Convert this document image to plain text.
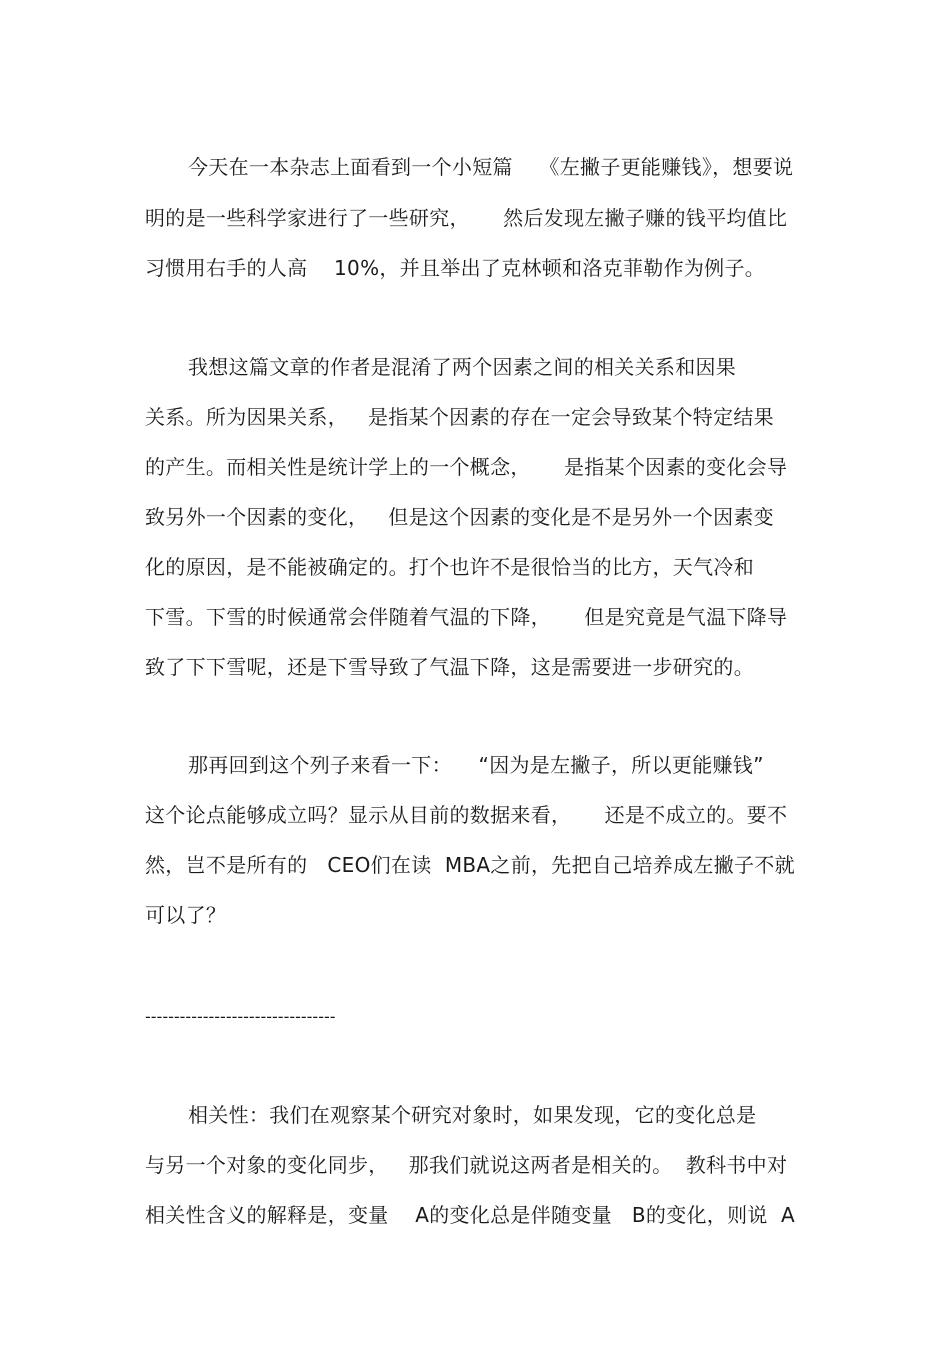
今天在一本杂志上面看到一个小短篇    《左撇子更能赚钱》，想要说
明的是一些科学家进行了一些研究，     然后发现左撇子赚的钱平均值比
习惯用右手的人高    10%，并且举出了克林顿和洛克菲勒作为例子。
我想这篇文章的作者是混淆了两个因素之间的相关关系和因果
关系。所为因果关系，   是指某个因素的存在一定会导致某个特定结果
的产生。而相关性是统计学上的一个概念，     是指某个因素的变化会导
致另外一个因素的变化，   但是这个因素的变化是不是另外一个因素变
化的原因，是不能被确定的。打个也许不是很恰当的比方，天气冷和
下雪。下雪的时候通常会伴随着气温的下降，     但是究竟是气温下降导
致了下下雪呢，还是下雪导致了气温下降，这是需要进一步研究的。
那再回到这个列子来看一下：    “因为是左撇子，所以更能赚钱”
这个论点能够成立吗？显示从目前的数据来看，     还是不成立的。要不
然，岂不是所有的   CEO们在读  MBA之前，先把自己培养成左撇子不就
可以了？
---------------------------------
相关性：我们在观察某个研究对象时，如果发现，它的变化总是
与另一个对象的变化同步，   那我们就说这两者是相关的。  教科书中对
相关性含义的解释是，变量    A的变化总是伴随变量   B的变化，则说  A
